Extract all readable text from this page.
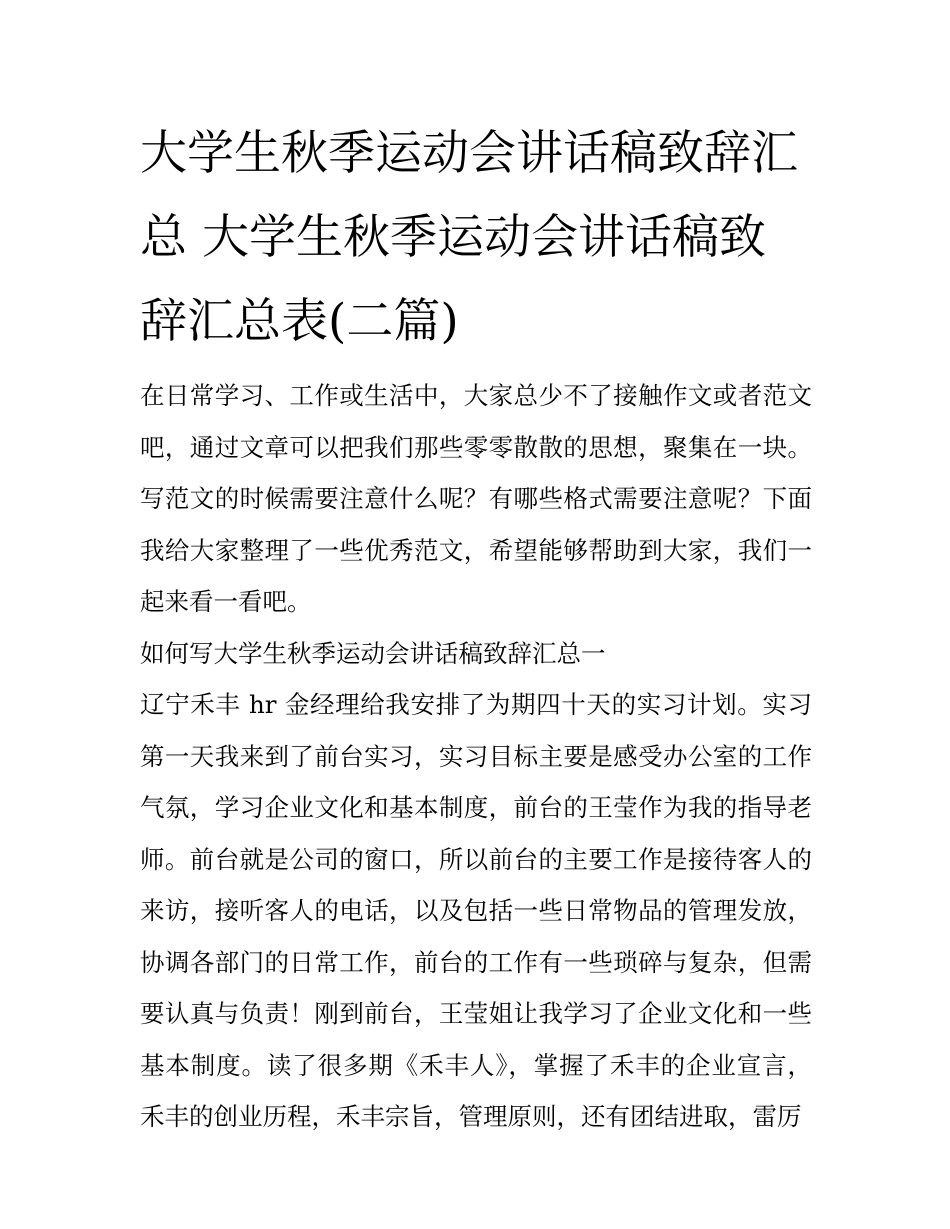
大学生秋季运动会讲话稿致辞汇总 大学生秋季运动会讲话稿致辞汇总表(二篇)

在日常学习、工作或生活中，大家总少不了接触作文或者范文吧，通过文章可以把我们那些零零散散的思想，聚集在一块。写范文的时候需要注意什么呢？有哪些格式需要注意呢？下面我给大家整理了一些优秀范文，希望能够帮助到大家，我们一起来看一看吧。

如何写大学生秋季运动会讲话稿致辞汇总一

辽宁禾丰 hr 金经理给我安排了为期四十天的实习计划。实习第一天我来到了前台实习，实习目标主要是感受办公室的工作气氛，学习企业文化和基本制度，前台的王莹作为我的指导老师。前台就是公司的窗口，所以前台的主要工作是接待客人的来访，接听客人的电话，以及包括一些日常物品的管理发放，协调各部门的日常工作，前台的工作有一些琐碎与复杂，但需要认真与负责！刚到前台，王莹姐让我学习了企业文化和一些基本制度。读了很多期《禾丰人》，掌握了禾丰的企业宣言，禾丰的创业历程，禾丰宗旨，管理原则，还有团结进取，雷厉
